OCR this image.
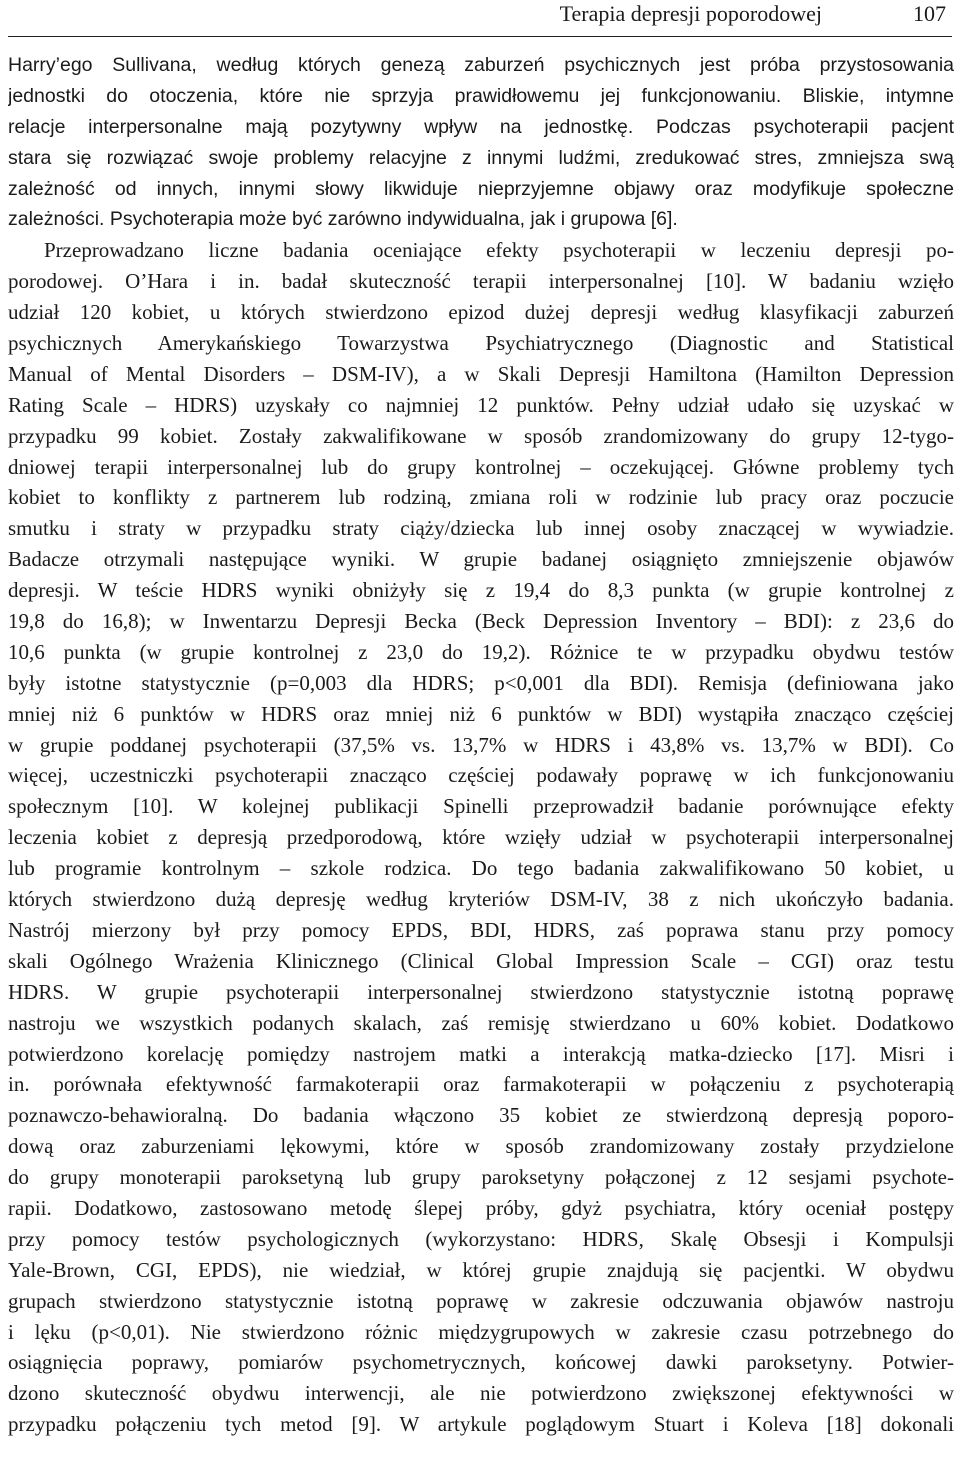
Terapia depresji poporodowej	107
Harry’ego Sullivana, według których genezą zaburzeń psychicznych jest próba przystosowania
jednostki do otoczenia, które nie sprzyja prawidłowemu jej funkcjonowaniu. Bliskie, intymne
relacje interpersonalne mają pozytywny wpływ na jednostkę. Podczas psychoterapii pacjent
stara się rozwiązać swoje problemy relacyjne z innymi ludźmi, zredukować stres, zmniejsza swą
zależność od innych, innymi słowy likwiduje nieprzyjemne objawy oraz modyfikuje społeczne
zależności. Psychoterapia może być zarówno indywidualna, jak i grupowa [6].
Przeprowadzano liczne badania oceniające efekty psychoterapii w leczeniu depresji po-
porodowej. O’Hara i in. badał skuteczność terapii interpersonalnej [10]. W badaniu wzięło
udział 120 kobiet, u których stwierdzono epizod dużej depresji według klasyfikacji zaburzeń
psychicznych Amerykańskiego Towarzystwa Psychiatrycznego (Diagnostic and Statistical
Manual of Mental Disorders – DSM-IV), a w Skali Depresji Hamiltona (Hamilton Depression
Rating Scale – HDRS) uzyskały co najmniej 12 punktów. Pełny udział udało się uzyskać w
przypadku 99 kobiet. Zostały zakwalifikowane w sposób zrandomizowany do grupy 12-tygo-
dniowej terapii interpersonalnej lub do grupy kontrolnej – oczekującej. Główne problemy tych
kobiet to konflikty z partnerem lub rodziną, zmiana roli w rodzinie lub pracy oraz poczucie
smutku i straty w przypadku straty ciąży/dziecka lub innej osoby znaczącej w wywiadzie.
Badacze otrzymali następujące wyniki. W grupie badanej osiągnięto zmniejszenie objawów
depresji. W teście HDRS wyniki obniżyły się z 19,4 do 8,3 punkta (w grupie kontrolnej z
19,8 do 16,8); w Inwentarzu Depresji Becka (Beck Depression Inventory – BDI): z 23,6 do
10,6 punkta (w grupie kontrolnej z 23,0 do 19,2). Różnice te w przypadku obydwu testów
były istotne statystycznie (p=0,003 dla HDRS; p<0,001 dla BDI). Remisja (definiowana jako
mniej niż 6 punktów w HDRS oraz mniej niż 6 punktów w BDI) wystąpiła znacząco częściej
w grupie poddanej psychoterapii (37,5% vs. 13,7% w HDRS i 43,8% vs. 13,7% w BDI). Co
więcej, uczestniczki psychoterapii znacząco częściej podawały poprawę w ich funkcjonowaniu
społecznym [10]. W kolejnej publikacji Spinelli przeprowadził badanie porównujące efekty
leczenia kobiet z depresją przedporodową, które wzięły udział w psychoterapii interpersonalnej
lub programie kontrolnym – szkole rodzica. Do tego badania zakwalifikowano 50 kobiet, u
których stwierdzono dużą depresję według kryteriów DSM-IV, 38 z nich ukończyło badania.
Nastrój mierzony był przy pomocy EPDS, BDI, HDRS, zaś poprawa stanu przy pomocy
skali Ogólnego Wrażenia Klinicznego (Clinical Global Impression Scale – CGI) oraz testu
HDRS. W grupie psychoterapii interpersonalnej stwierdzono statystycznie istotną poprawę
nastroju we wszystkich podanych skalach, zaś remisję stwierdzano u 60% kobiet. Dodatkowo
potwierdzono korelację pomiędzy nastrojem matki a interakcją matka-dziecko [17]. Misri i
in. porównała efektywność farmakoterapii oraz farmakoterapii w połączeniu z psychoterapią
poznawczo-behawioralną. Do badania włączono 35 kobiet ze stwierdzoną depresją poporo-
dową oraz zaburzeniami lękowymi, które w sposób zrandomizowany zostały przydzielone
do grupy monoterapii paroksetyną lub grupy paroksetyny połączonej z 12 sesjami psychote-
rapii. Dodatkowo, zastosowano metodę ślepej próby, gdyż psychiatra, który oceniał postępy
przy pomocy testów psychologicznych (wykorzystano: HDRS, Skalę Obsesji i Kompulsji
Yale-Brown, CGI, EPDS), nie wiedział, w której grupie znajdują się pacjentki. W obydwu
grupach stwierdzono statystycznie istotną poprawę w zakresie odczuwania objawów nastroju
i lęku (p<0,01). Nie stwierdzono różnic międzygrupowych w zakresie czasu potrzebnego do
osiągnięcia poprawy, pomiarów psychometrycznych, końcowej dawki paroksetyny. Potwier-
dzono skuteczność obydwu interwencji, ale nie potwierdzono zwiększonej efektywności w
przypadku połączeniu tych metod [9]. W artykule poglądowym Stuart i Koleva [18] dokonali
